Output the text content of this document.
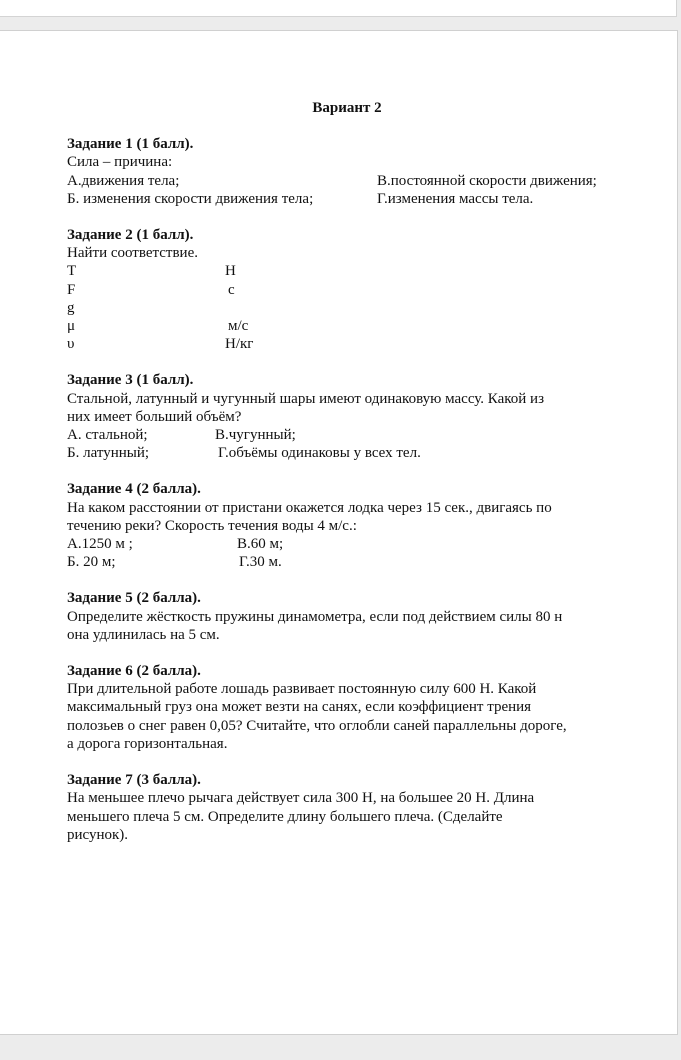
Вариант 2

Задание 1 (1 балл).

Сила – причина:

А.движения тела;	В.постоянной скорости движения;
Б. изменения скорости движения тела;	Г.изменения массы тела.

Задание 2 (1 балл).

Найти соответствие.

T	Н
F	с
g
μ	м/с
υ	Н/кг

Задание 3 (1 балл).

Стальной, латунный и чугунный шары имеют одинаковую массу. Какой из

них имеет больший объём?

А. стальной;	В.чугунный;
Б. латунный;	Г.объёмы одинаковы у всех тел.

Задание 4 (2 балла).

На каком расстоянии от пристани окажется лодка через 15 сек., двигаясь по

течению реки? Скорость течения воды 4 м/с.:

А.1250 м ;	В.60 м;
Б. 20 м;	Г.30 м.

Задание 5 (2 балла).

Определите жёсткость пружины динамометра, если под действием силы 80 н

она удлинилась на 5 см.

Задание 6 (2 балла).

При длительной работе лошадь развивает постоянную силу 600 Н. Какой

максимальный груз она может везти на санях, если коэффициент трения

полозьев о снег равен 0,05? Считайте, что оглобли саней параллельны дороге,

а дорога горизонтальная.

Задание 7 (3 балла).

На меньшее плечо рычага действует сила 300 Н, на большее 20 Н. Длина

меньшего плеча 5 см. Определите длину большего плеча. (Сделайте

рисунок).
